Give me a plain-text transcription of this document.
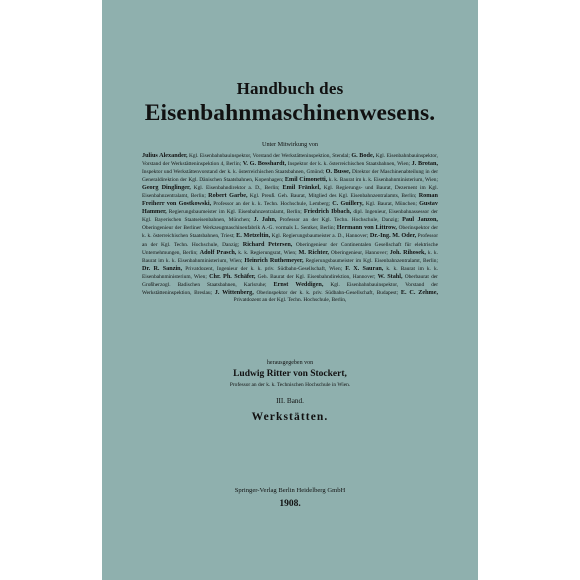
Handbuch des
Eisenbahnmaschinenwesens.
Unter Mitwirkung von
Julius Alexander, Kgl. Eisenbahnbauinspektor, Vorstand der Werkstätteninspektion, Stendal; G. Bode, Kgl. Eisenbahnbauinspektor, Vorstand der Werkstätteninspektion 4, Berlin; V. G. Bosshardt, Inspektor der k. k. österreichischen Staatsbahnen, Wien; J. Brotan, Inspektor und Werkstättenvorstand der k. k. österreichischen Staatsbahnen, Gmünd; O. Busse, Direktor der Maschinenabteilung in der Generaldirektion der Kgl. Dänischen Staatsbahnen, Kopenhagen; Emil Cimonetti, k. k. Baurat im k. k. Eisenbahnministerium, Wien; Georg Dinglinger, Kgl. Eisenbahndirektor a. D., Berlin; Emil Fränkel, Kgl. Regierungs- und Baurat, Dezernent im Kgl. Eisenbahnzentralamt, Berlin; Robert Garbe, Kgl. Preuß. Geh. Baurat, Mitglied des Kgl. Eisenbahnzentralamts, Berlin; Roman Freiherr von Gostkowski, Professor an der k. k. Techn. Hochschule, Lemberg; C. Guillery, Kgl. Baurat, München; Gustav Hammer, Regierungsbaumeister im Kgl. Eisenbahnzentralamt, Berlin; Friedrich Ibbach, dipl. Ingenieur, Eisenbahnassessor der Kgl. Bayerischen Staatseisenbahnen, München; J. Jahn, Professor an der Kgl. Techn. Hochschule, Danzig; Paul Janzon, Oberingenieur der Berliner Werkzeugmaschinenfabrik A.-G. vormals L. Sentker, Berlin; Hermann von Littrow, Oberinspektor der k. k. österreichischen Staatsbahnen, Triest; E. Metzeltin, Kgl. Regierungsbaumeister a. D., Hannover; Dr.-Ing. M. Oder, Professor an der Kgl. Techn. Hochschule, Danzig; Richard Petersen, Oberingenieur der Continentalen Gesellschaft für elektrische Unternehmungen, Berlin; Adolf Prasch, k. k. Regierungsrat, Wien; M. Richter, Oberingenieur, Hannover; Joh. Rihosek, k. k. Baurat im k. k. Eisenbahnministerium, Wien; Heinrich Ruthemeyer, Regierungsbaumeister im Kgl. Eisenbahnzentralamt, Berlin; Dr. R. Sanzin, Privatdozent, Ingenieur der k. k. priv. Südbahn-Gesellschaft, Wien; F. X. Sauran, k. k. Baurat im k. k. Eisenbahnministerium, Wien; Chr. Ph. Schäfer, Geh. Baurat der Kgl. Eisenbahndirektion, Hannover; W. Stahl, Oberbaurat der Großherzogl. Badischen Staatsbahnen, Karlsruhe; Ernst Weddigen, Kgl. Eisenbahnbauinspektor, Vorstand der Werkstätteninspektion, Breslau; J. Wittenberg, Oberinspektor der k. k. priv. Südbahn-Gesellschaft, Budapest; E. C. Zehme, Privatdozent an der Kgl. Techn. Hochschule, Berlin,
herausgegeben von
Ludwig Ritter von Stockert,
Professor an der k. k. Technischen Hochschule in Wien.
III. Band.
Werkstätten.
Springer-Verlag Berlin Heidelberg GmbH
1908.
